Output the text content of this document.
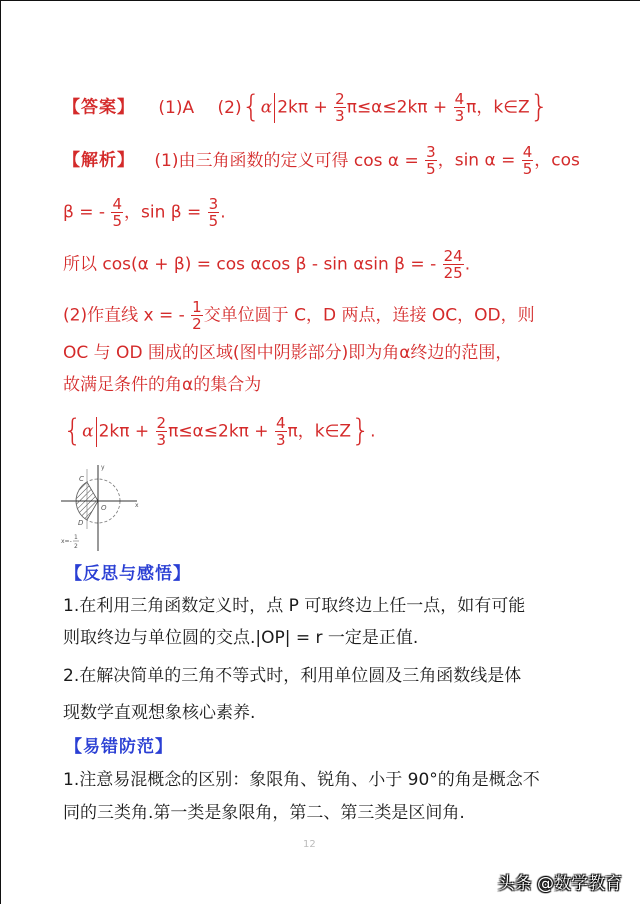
【答案】 (1)A (2){α $2k\pi + \frac{2}{3} \pi\le\alpha\le 2k\pi + \frac{4}{3}$ π，k∈Z}
【解析】 (1)由三角函数的定义可得 $\cos \alpha = \frac{3}{5}$ ，$\sin \alpha = \frac{4}{5}$ ，cos
β = - $\frac{4}{5}$ ，$\sin \beta = \frac{3}{5}$ .
所以 cos(α + β) = cos αcos β - sin αsin β = - $\frac{24}{25}$ .
(2)作直线 x = - $\frac{1}{2}$ 交单位圆于 C，D 两点，连接 OC，OD，则
OC 与 OD 围成的区域(图中阴影部分)即为角α终边的范围，
故满足条件的角α的集合为
{α $2k\pi + \frac{2}{3} \pi\le\alpha\le 2k\pi + \frac{4}{3}$ π，k∈Z}.
y
x
C
D
O
x=-
1
2
【反思与感悟】
1.在利用三角函数定义时，点 P 可取终边上任一点，如有可能
则取终边与单位圆的交点.|OP| = r 一定是正值.
2.在解决简单的三角不等式时，利用单位圆及三角函数线是体
现数学直观想象核心素养.
【易错防范】
1.注意易混概念的区别：象限角、锐角、小于 90°的角是概念不
同的三类角.第一类是象限角，第二、第三类是区间角.
12
头条 @数学教育
